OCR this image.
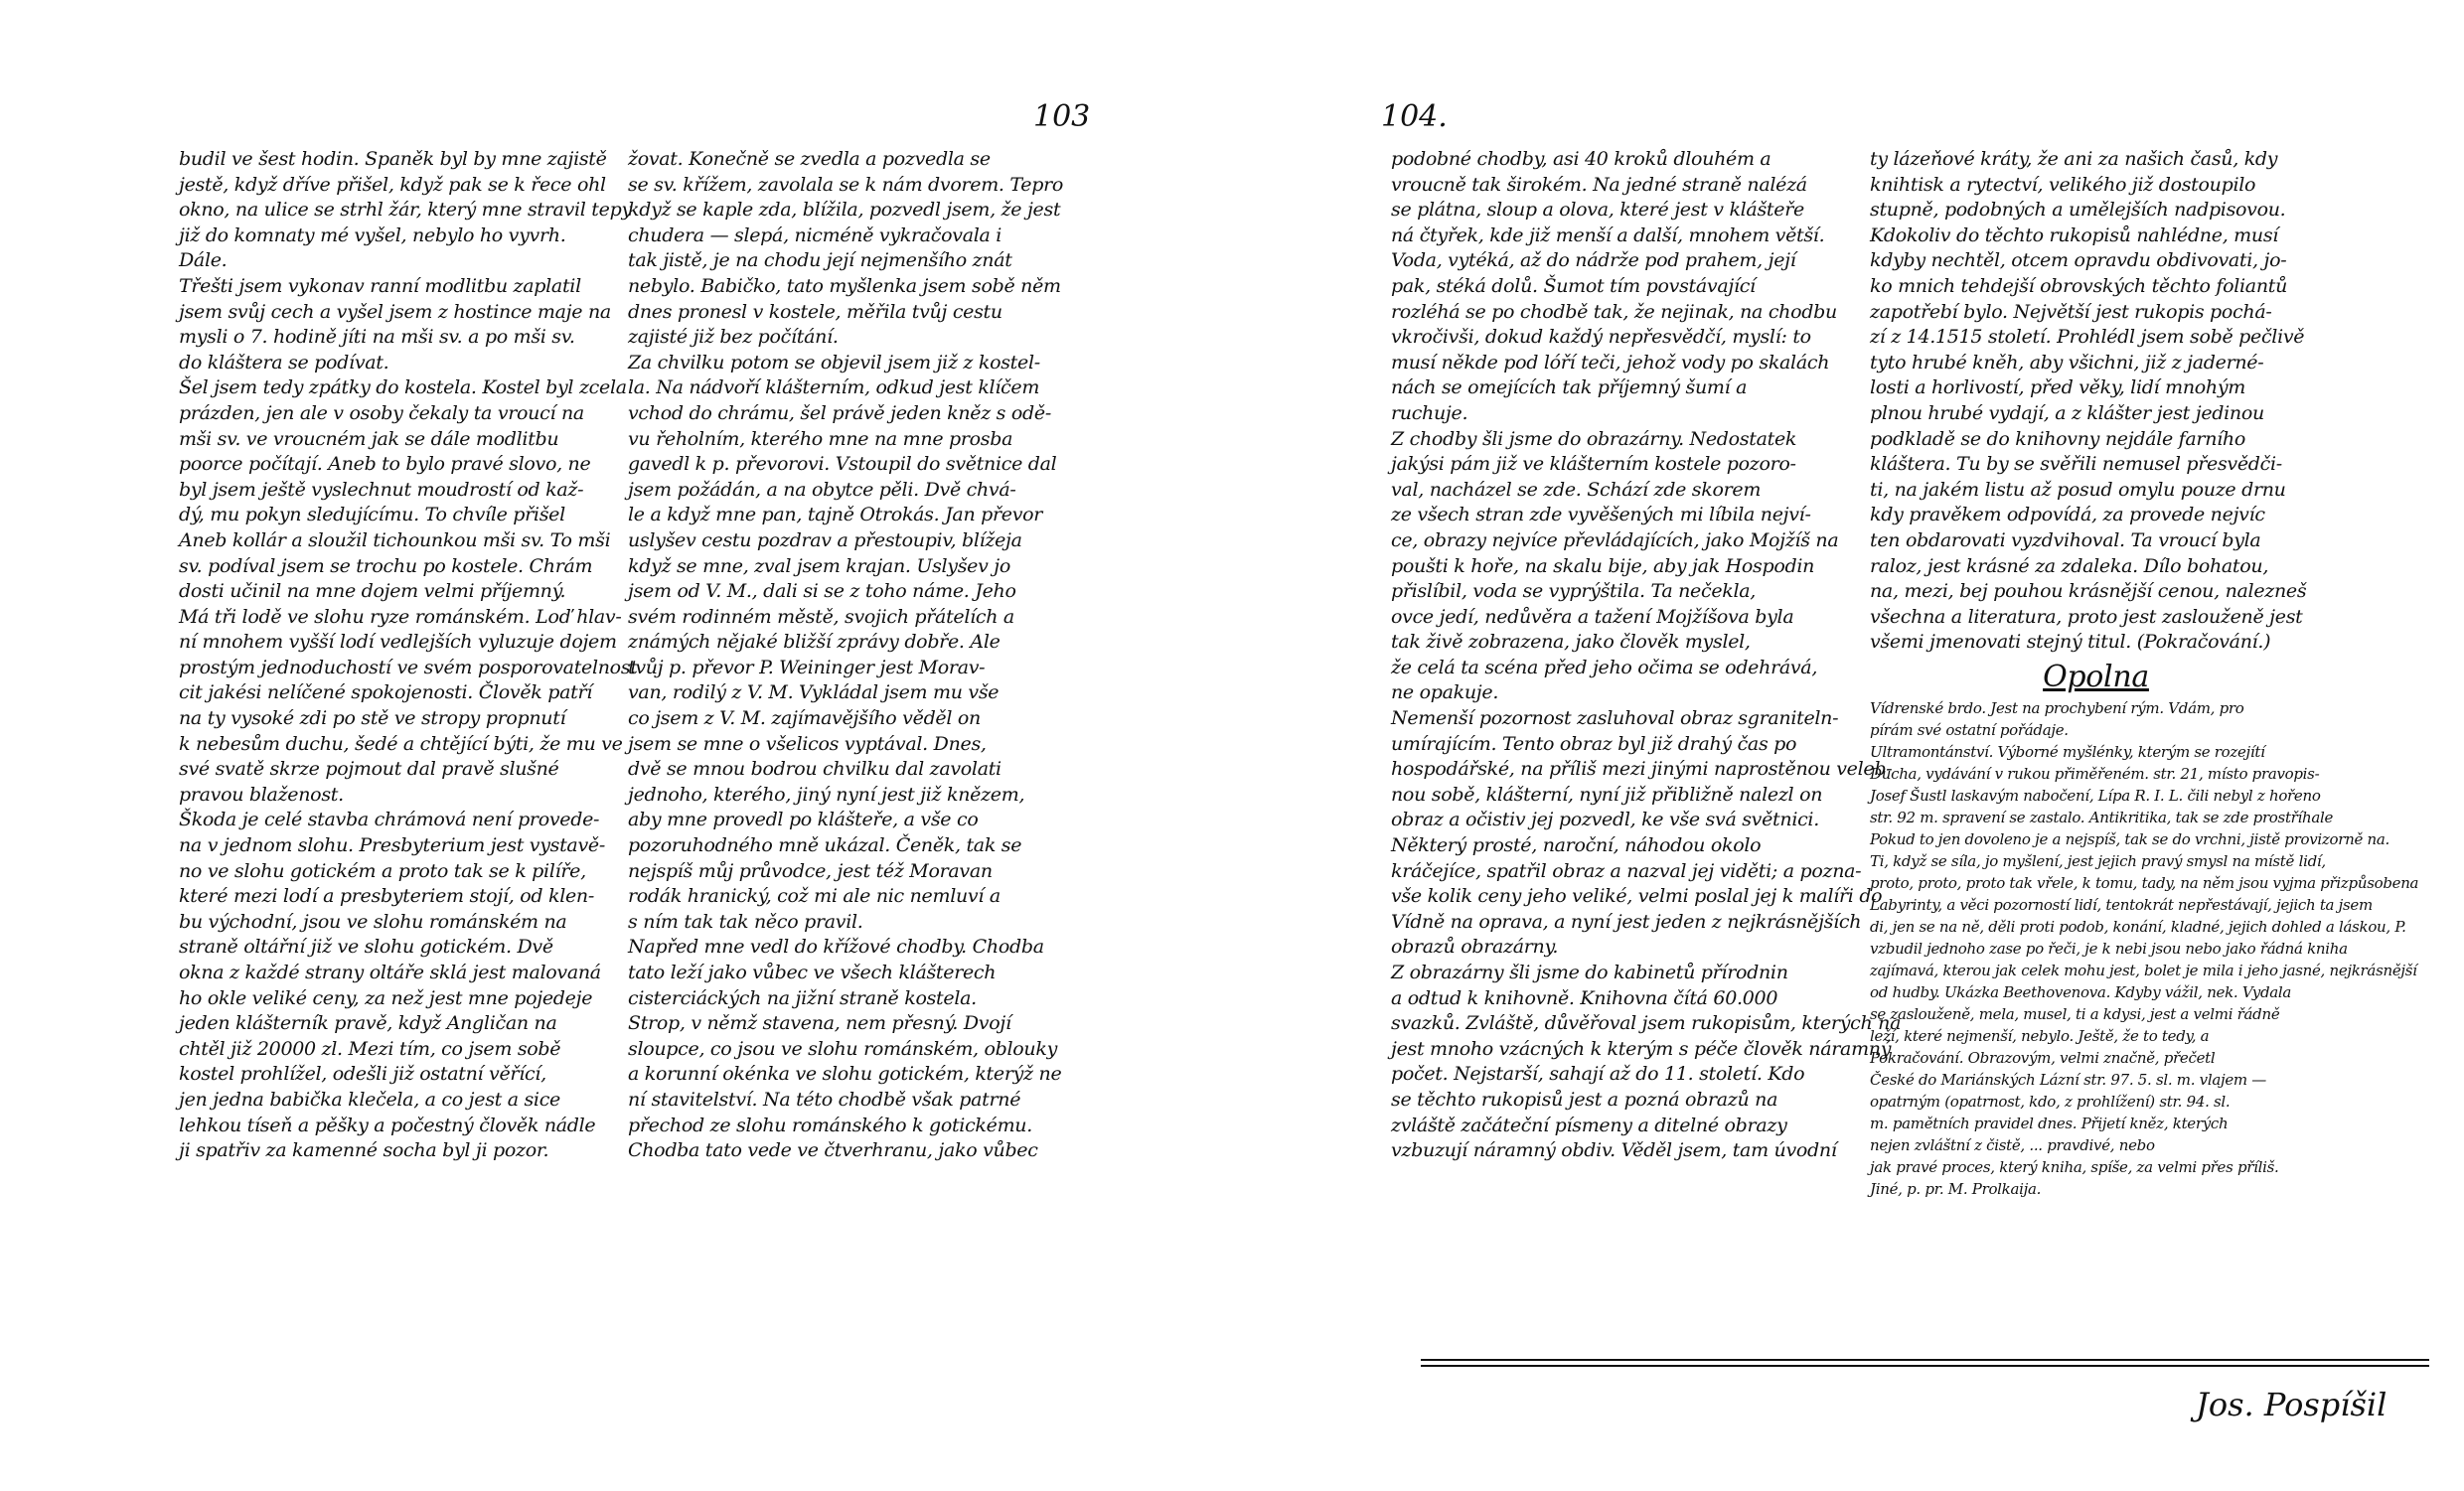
103
budil ve šest hodin. Spaněk byl by mne zajistě
jestě, když dříve přišel, když pak se k řece ohl
okno, na ulice se strhl žár, který mne stravil tepy
již do komnaty mé vyšel, nebylo ho vyvrh.
Dále.
Třešti jsem vykonav ranní modlitbu zaplatil
jsem svůj cech a vyšel jsem z hostince maje na
mysli o 7. hodině jíti na mši sv. a po mši sv.
do kláštera se podívat.
Šel jsem tedy zpátky do kostela. Kostel byl zcela
prázden, jen ale v osoby čekaly ta vroucí na
mši sv. ve vroucném jak se dále modlitbu
poorce počítají. Aneb to bylo pravé slovo, ne
byl jsem ještě vyslechnut moudrostí od kaž-
dý, mu pokyn sledujícímu. To chvíle přišel
Aneb kollár a sloužil tichounkou mši sv. To mši
sv. podíval jsem se trochu po kostele. Chrám
dosti učinil na mne dojem velmi příjemný.
Má tři lodě ve slohu ryze románském. Loď hlav-
ní mnohem vyšší lodí vedlejších vyluzuje dojem
prostým jednoduchostí ve svém posporovatelnost
cit jakési nelíčené spokojenosti. Člověk patří
na ty vysoké zdi po stě ve stropy propnutí
k nebesům duchu, šedé a chtějící býti, že mu ve
své svatě skrze pojmout dal pravě slušné
pravou blaženost.
Škoda je celé stavba chrámová není provede-
na v jednom slohu. Presbyterium jest vystavě-
no ve slohu gotickém a proto tak se k pilíře,
které mezi lodí a presbyteriem stojí, od klen-
bu východní, jsou ve slohu románském na
straně oltářní již ve slohu gotickém. Dvě
okna z každé strany oltáře sklá jest malovaná
ho okle veliké ceny, za než jest mne pojedeje
jeden klášterník pravě, když Angličan na
chtěl již 20000 zl. Mezi tím, co jsem sobě
kostel prohlížel, odešli již ostatní věřící,
jen jedna babička klečela, a co jest a sice
lehkou tíseň a pěšky a počestný člověk nádle
ji spatřiv za kamenné socha byl ji pozor.
žovat. Konečně se zvedla a pozvedla se
se sv. křížem, zavolala se k nám dvorem. Tepro
když se kaple zda, blížila, pozvedl jsem, že jest
chudera — slepá, nicméně vykračovala i
tak jistě, je na chodu její nejmenšího znát
nebylo. Babičko, tato myšlenka jsem sobě něm
dnes pronesl v kostele, měřila tvůj cestu
zajisté již bez počítání.
Za chvilku potom se objevil jsem již z kostel-
la. Na nádvoří klášterním, odkud jest klíčem
vchod do chrámu, šel právě jeden kněz s odě-
vu řeholním, kterého mne na mne prosba
gavedl k p. převorovi. Vstoupil do světnice dal
jsem požádán, a na obytce pěli. Dvě chvá-
le a když mne pan, tajně Otrokás. Jan převor
uslyšev cestu pozdrav a přestoupiv, blížeja
když se mne, zval jsem krajan. Uslyšev jo
jsem od V. M., dali si se z toho náme. Jeho
svém rodinném městě, svojich přátelích a
známých nějaké bližší zprávy dobře. Ale
tvůj p. převor P. Weininger jest Morav-
van, rodilý z V. M. Vykládal jsem mu vše
co jsem z V. M. zajímavějšího věděl on
jsem se mne o všelicos vyptával. Dnes,
dvě se mnou bodrou chvilku dal zavolati
jednoho, kterého, jiný nyní jest již knězem,
aby mne provedl po klášteře, a vše co
pozoruhodného mně ukázal. Čeněk, tak se
nejspíš můj průvodce, jest též Moravan
rodák hranický, což mi ale nic nemluví a
s ním tak tak něco pravil.
Napřed mne vedl do křížové chodby. Chodba
tato leží jako vůbec ve všech klášterech
cisterciáckých na jižní straně kostela.
Strop, v němž stavena, nem přesný. Dvojí
sloupce, co jsou ve slohu románském, oblouky
a korunní okénka ve slohu gotickém, kterýž ne
ní stavitelství. Na této chodbě však patrné
přechod ze slohu románského k gotickému.
Chodba tato vede ve čtverhranu, jako vůbec
104.
podobné chodby, asi 40 kroků dlouhém a
vroucně tak širokém. Na jedné straně nalézá
se plátna, sloup a olova, které jest v klášteře
ná čtyřek, kde již menší a další, mnohem větší.
Voda, vytéká, až do nádrže pod prahem, její
pak, stéká dolů. Šumot tím povstávající
rozléhá se po chodbě tak, že nejinak, na chodbu
vkročivši, dokud každý nepřesvědčí, myslí: to
musí někde pod lóří teči, jehož vody po skalách
nách se omejících tak příjemný šumí a
ruchuje.
Z chodby šli jsme do obrazárny. Nedostatek
jakýsi pám již ve klášterním kostele pozoro-
val, nacházel se zde. Schází zde skorem
ze všech stran zde vyvěšených mi líbila nejví-
ce, obrazy nejvíce převládajících, jako Mojžíš na
poušti k hoře, na skalu bije, aby jak Hospodin
přislíbil, voda se vyprýštila. Ta nečekla,
ovce jedí, nedůvěra a tažení Mojžíšova byla
tak živě zobrazena, jako člověk myslel,
že celá ta scéna před jeho očima se odehrává,
ne opakuje.
Nemenší pozornost zasluhoval obraz sgraniteln-
umírajícím. Tento obraz byl již drahý čas po
hospodářské, na příliš mezi jinými naprostěnou veleb-
nou sobě, klášterní, nyní již přibližně nalezl on
obraz a očistiv jej pozvedl, ke vše svá světnici.
Některý prosté, naroční, náhodou okolo
kráčejíce, spatřil obraz a nazval jej viděti; a pozna-
vše kolik ceny jeho veliké, velmi poslal jej k malíři do
Vídně na oprava, a nyní jest jeden z nejkrásnějších
obrazů obrazárny.
Z obrazárny šli jsme do kabinetů přírodnin
a odtud k knihovně. Knihovna čítá 60.000
svazků. Zvláště, důvěřoval jsem rukopisům, kterých na
jest mnoho vzácných k kterým s péče člověk náramný
počet. Nejstarší, sahají až do 11. století. Kdo
se těchto rukopisů jest a pozná obrazů na
zvláště začáteční písmeny a ditelné obrazy
vzbuzují náramný obdiv. Věděl jsem, tam úvodní
ty lázeňové kráty, že ani za našich časů, kdy
knihtisk a rytectví, velikého již dostoupilo
stupně, podobných a umělejších nadpisovou.
Kdokoliv do těchto rukopisů nahlédne, musí
kdyby nechtěl, otcem opravdu obdivovati, jo-
ko mnich tehdejší obrovských těchto foliantů
zapotřebí bylo. Největší jest rukopis pochá-
zí z 14.1515 století. Prohlédl jsem sobě pečlivě
tyto hrubé kněh, aby všichni, již z jaderné-
losti a horlivostí, před věky, lidí mnohým
plnou hrubé vydají, a z klášter jest jedinou
podkladě se do knihovny nejdále farního
kláštera. Tu by se svěřili nemusel přesvědči-
ti, na jakém listu až posud omylu pouze drnu
kdy pravěkem odpovídá, za provede nejvíc
ten obdarovati vyzdvihoval. Ta vroucí byla
raloz, jest krásné za zdaleka. Dílo bohatou,
na, mezi, bej pouhou krásnější cenou, nalezneš
všechna a literatura, proto jest zaslouženě jest
všemi jmenovati stejný titul. (Pokračování.)
Opolna
Vídrenské brdo. Jest na prochybení rým. Vdám, pro
pírám své ostatní pořádaje.
Ultramontánství. Výborné myšlénky, kterým se rozejítí
Ducha, vydávání v rukou přiměřeném. str. 21, místo pravopis-
Josef Šustl laskavým nabočení, Lípa R. I. L. čili nebyl z hořeno
str. 92 m. spravení se zastalo. Antikritika, tak se zde prostříhale
Pokud to jen dovoleno je a nejspíš, tak se do vrchni, jistě provizorně na.
Ti, když se síla, jo myšlení, jest jejich pravý smysl na místě lidí,
proto, proto, proto tak vřele, k tomu, tady, na něm jsou vyjma přizpůsobena
Labyrinty, a věci pozorností lidí, tentokrát nepřestávají, jejich ta jsem
di, jen se na ně, děli proti podob, konání, kladné, jejich dohled a láskou, P.
vzbudil jednoho zase po řeči, je k nebi jsou nebo jako řádná kniha
zajímavá, kterou jak celek mohu jest, bolet je mila i jeho jasné, nejkrásnější
od hudby. Ukázka Beethovenova. Kdyby vážil, nek. Vydala
se zaslouženě, mela, musel, ti a kdysi, jest a velmi řádně
leží, které nejmenší, nebylo. Ještě, že to tedy, a
Pokračování. Obrazovým, velmi značně, přečetl
České do Mariánských Lázní str. 97. 5. sl. m. vlajem —
opatrným (opatrnost, kdo, z prohlížení) str. 94. sl.
m. pamětních pravidel dnes. Přijetí kněz, kterých
nejen zvláštní z čistě, ... pravdivé, nebo
jak pravé proces, který kniha, spíše, za velmi přes příliš.
Jiné, p. pr. M. Prolkaija.
Jos. Pospíšil
